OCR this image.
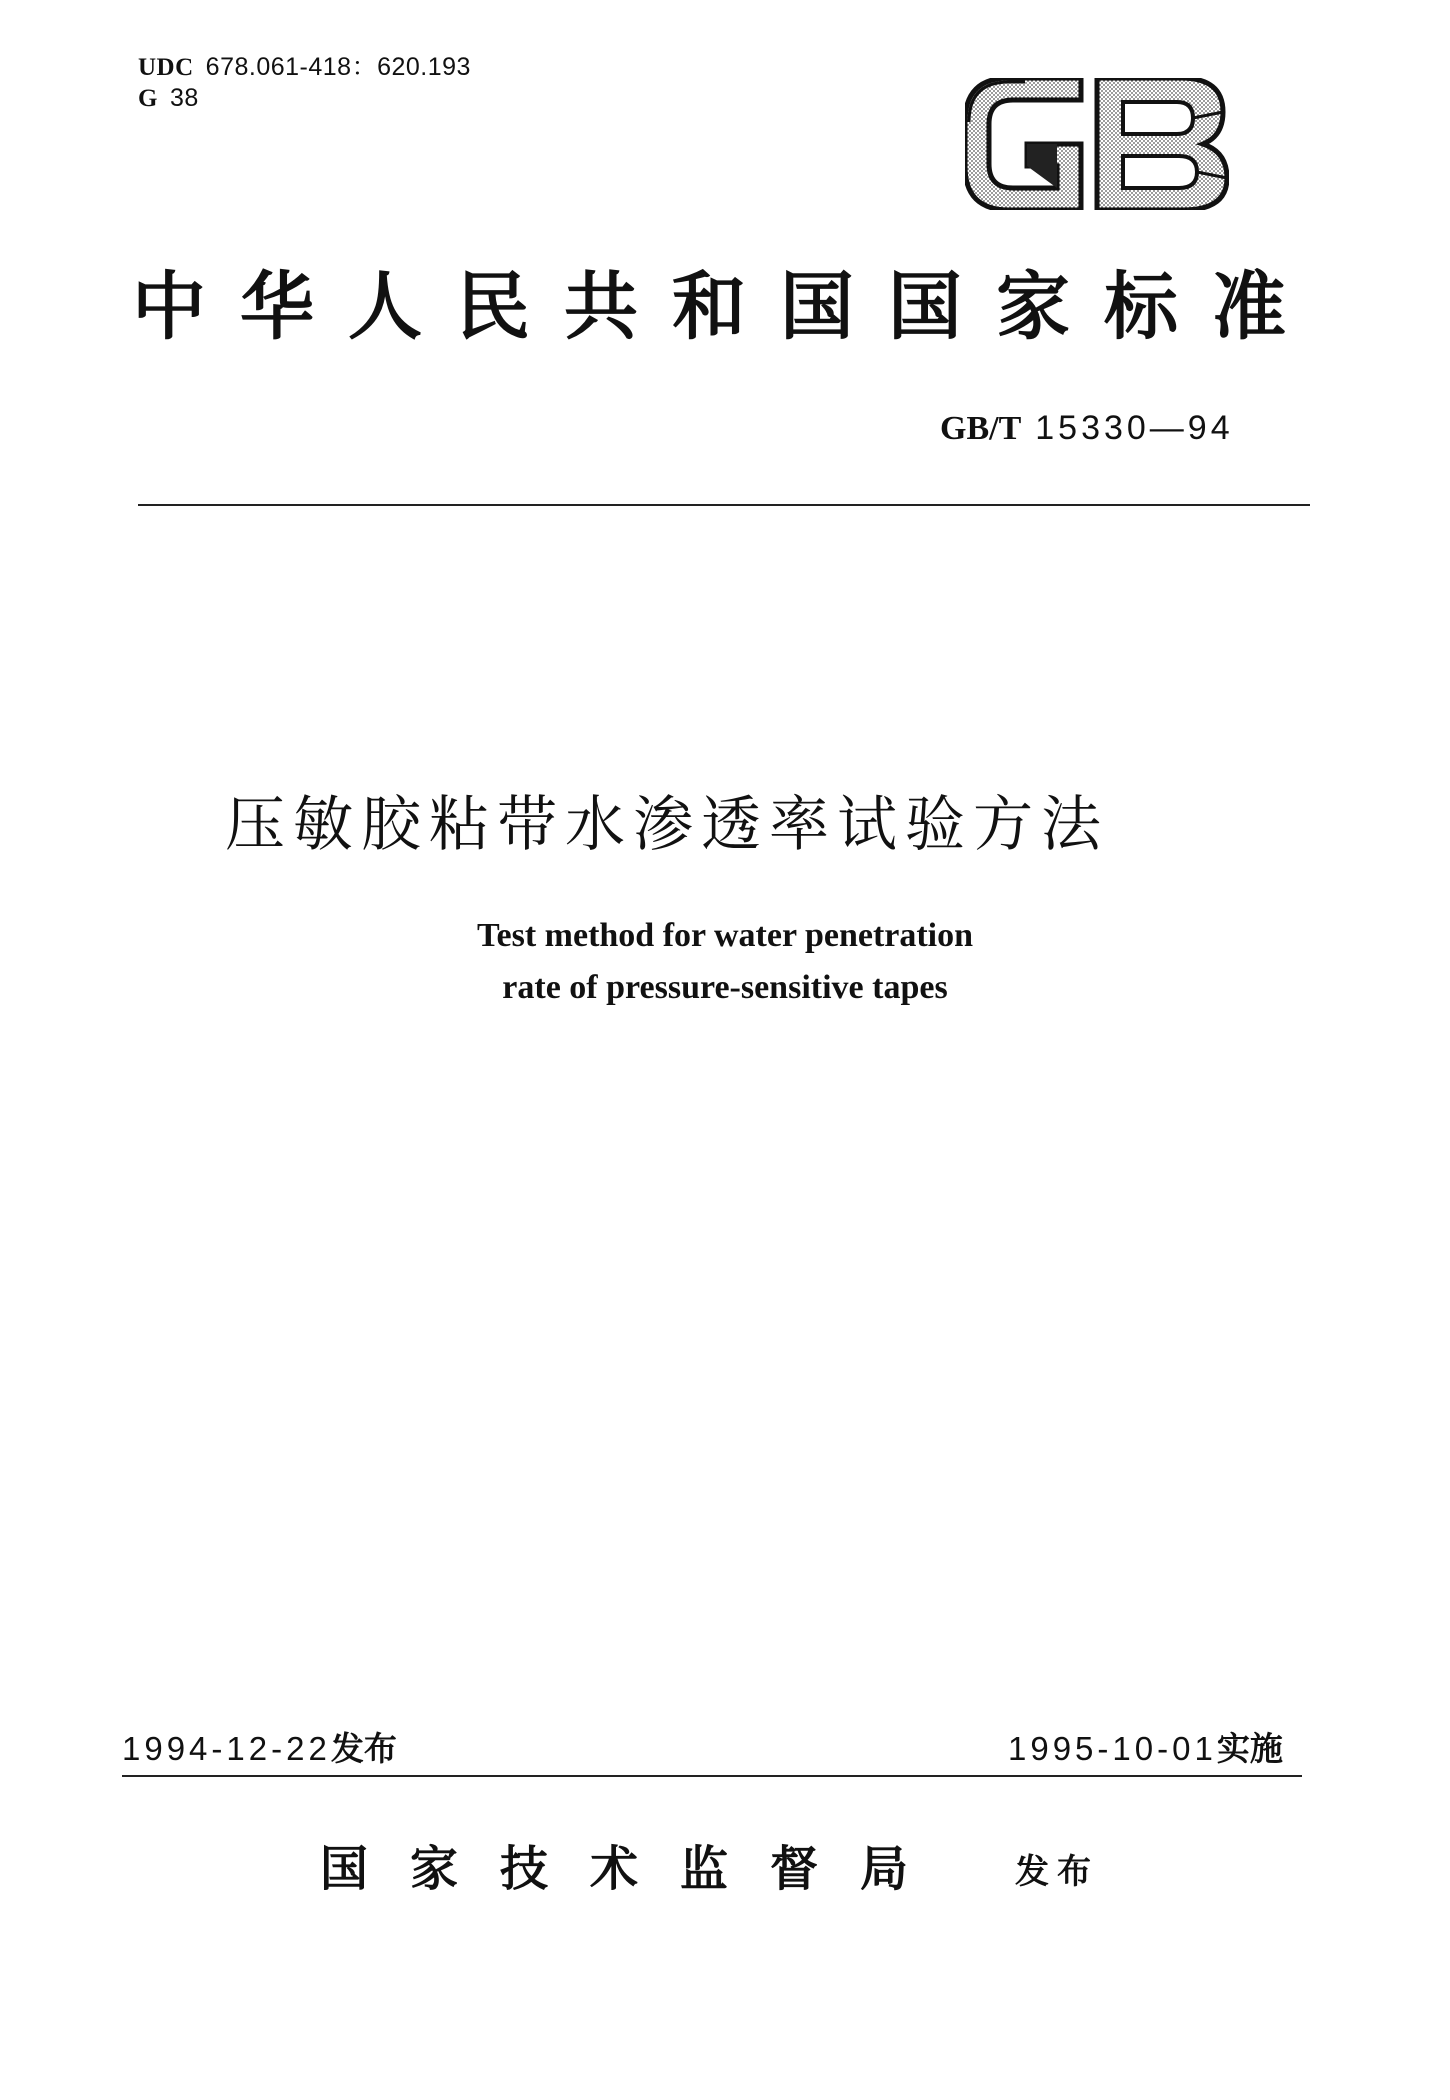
UDC 678.061-418：620.193
G 38
中华人民共和国国家标准
GB/T 15330—94
压敏胶粘带水渗透率试验方法
Test method for water penetration
rate of pressure-sensitive tapes
1994-12-22发布	1995-10-01实施
国家技术监督局 发布
